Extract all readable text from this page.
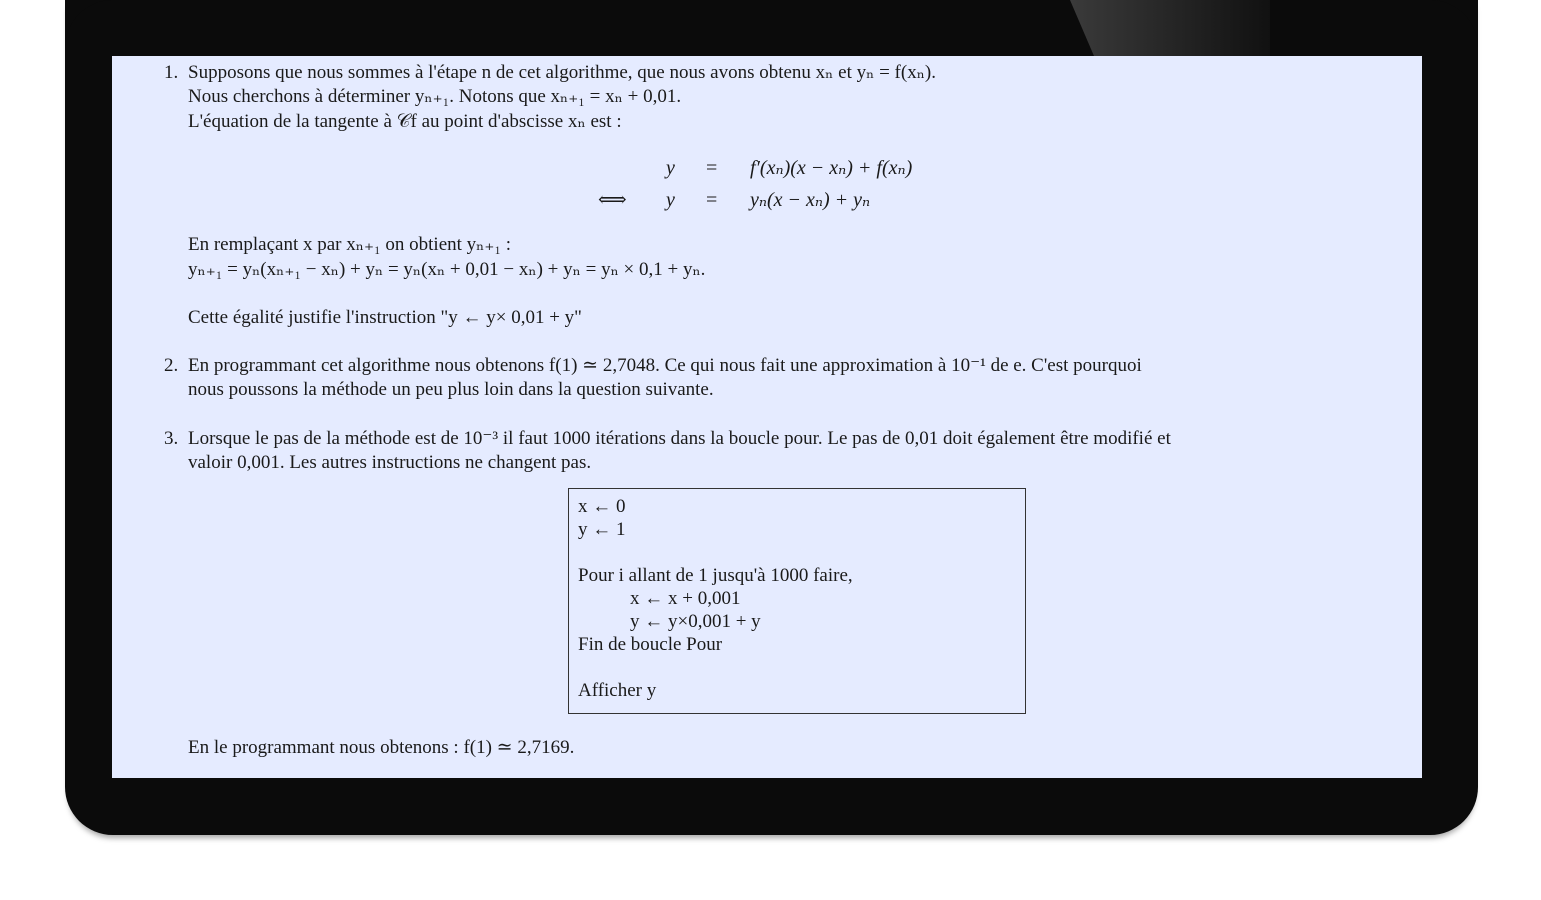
1. Supposons que nous sommes à l'étape n de cet algorithme, que nous avons obtenu xₙ et yₙ = f(xₙ).
Nous cherchons à déterminer yₙ₊₁. Notons que xₙ₊₁ = xₙ + 0,01.
L'équation de la tangente à 𝒞f au point d'abscisse xₙ est :
y = f′(xₙ)(x − xₙ) + f(xₙ)
⟺ y = yₙ(x − xₙ) + yₙ
En remplaçant x par xₙ₊₁ on obtient yₙ₊₁ :
yₙ₊₁ = yₙ(xₙ₊₁ − xₙ) + yₙ = yₙ(xₙ + 0,01 − xₙ) + yₙ = yₙ × 0,1 + yₙ.
Cette égalité justifie l'instruction "y ← y× 0,01 + y"
2. En programmant cet algorithme nous obtenons f(1) ≃ 2,7048. Ce qui nous fait une approximation à 10⁻¹ de e. C'est pourquoi
nous poussons la méthode un peu plus loin dans la question suivante.
3. Lorsque le pas de la méthode est de 10⁻³ il faut 1000 itérations dans la boucle pour. Le pas de 0,01 doit également être modifié et
valoir 0,001. Les autres instructions ne changent pas.
x ← 0
y ← 1
Pour i allant de 1 jusqu'à 1000 faire,
x ← x + 0,001
y ← y×0,001 + y
Fin de boucle Pour
Afficher y
En le programmant nous obtenons : f(1) ≃ 2,7169.
